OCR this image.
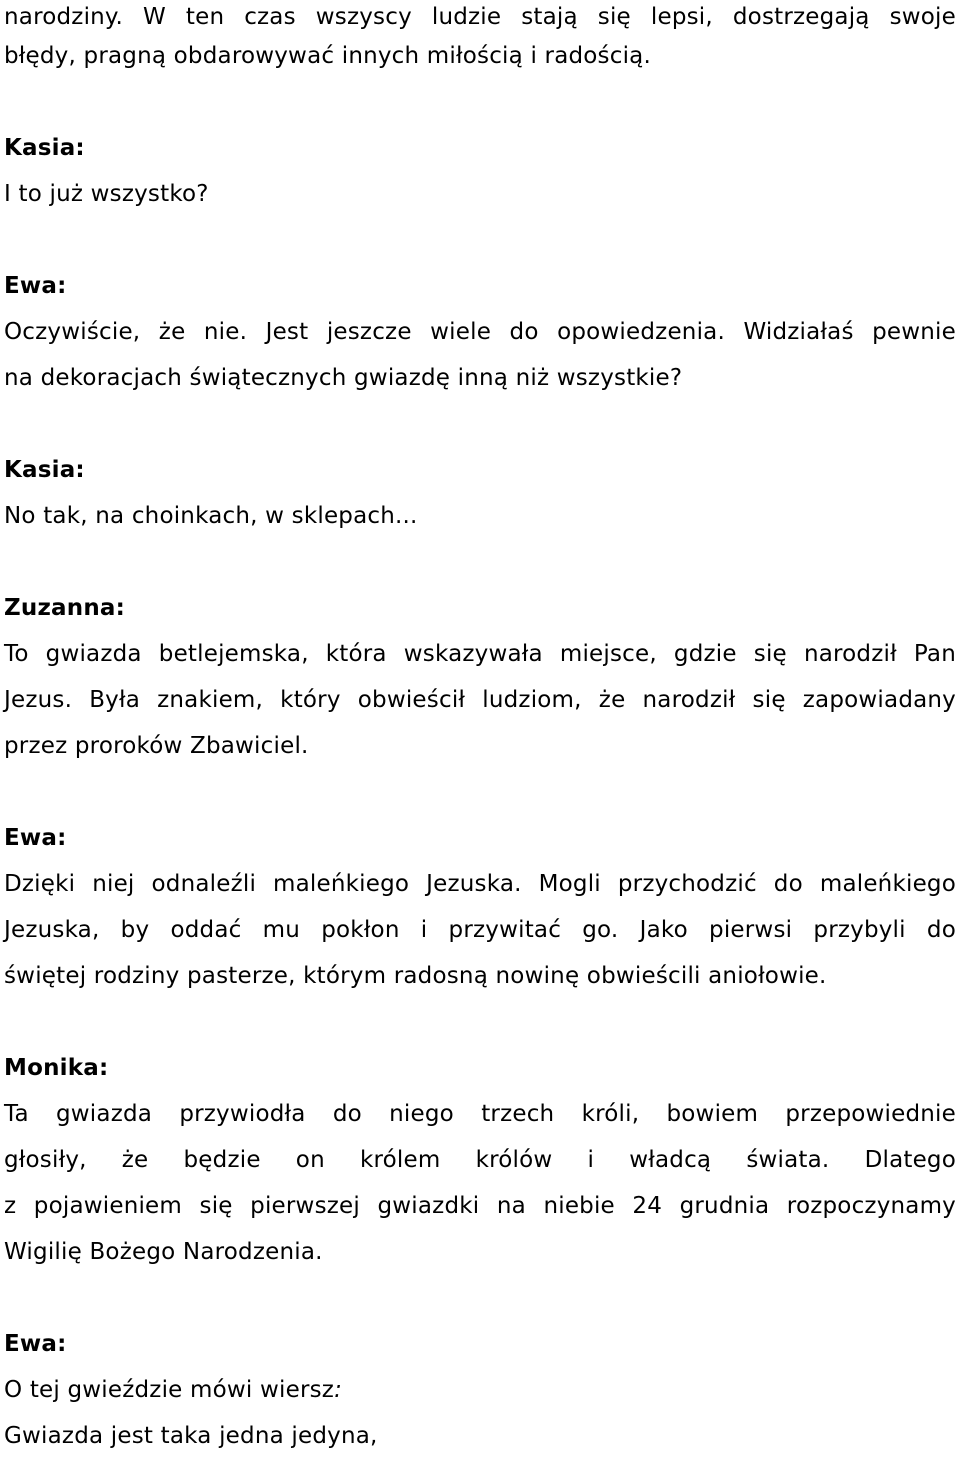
narodziny. W ten czas wszyscy ludzie stają się lepsi, dostrzegają swoje
błędy, pragną obdarowywać innych miłością i radością.
Kasia:
I to już wszystko?
Ewa:
Oczywiście, że nie. Jest jeszcze wiele do opowiedzenia. Widziałaś pewnie
na dekoracjach świątecznych gwiazdę inną niż wszystkie?
Kasia:
No tak, na choinkach, w sklepach...
Zuzanna:
To gwiazda betlejemska, która wskazywała miejsce, gdzie się narodził Pan
Jezus. Była znakiem, który obwieścił ludziom, że narodził się zapowiadany
przez proroków Zbawiciel.
Ewa:
Dzięki niej odnaleźli maleńkiego Jezuska. Mogli przychodzić do maleńkiego
Jezuska, by oddać mu pokłon i przywitać go. Jako pierwsi przybyli do
świętej rodziny pasterze, którym radosną nowinę obwieścili aniołowie.
Monika:
Ta gwiazda przywiodła do niego trzech króli, bowiem przepowiednie
głosiły, że będzie on królem królów i władcą świata. Dlatego
z pojawieniem się pierwszej gwiazdki na niebie 24 grudnia rozpoczynamy
Wigilię Bożego Narodzenia.
Ewa:
O tej gwieździe mówi wiersz:
Gwiazda jest taka jedna jedyna,
